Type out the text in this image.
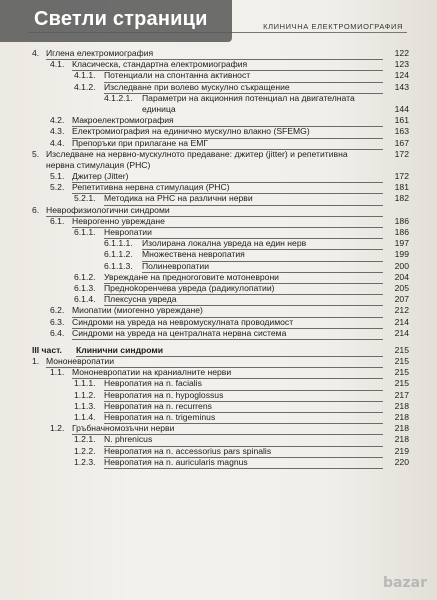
КЛИНИЧНА ЕЛЕКТРОМИОГРАФИЯ
4. Иглена електромиография	122
4.1. Класическа, стандартна електромиография	123
4.1.1. Потенциали на спонтанна активност	124
4.1.2. Изследване при волево мускулно съкращение	143
4.1.2.1. Параметри на акционния потенциал на двигателната единица	144
4.2. Макроелектромиография	161
4.3. Електромиография на единично мускулно влакно (SFEMG)	163
4.4. Препоръки при прилагане на ЕМГ	167
5. Изследване на нервно-мускулното предаване: джитер (jitter) и репетитивна нервна стимулация (PHC)
172
5.1. Джитер (Jitter)	172
5.2. Репетитивна нервна стимулация (PHC)	181
5.2.1. Методика на PHC на различни нерви	182
6. Неврофизиологични синдроми
6.1. Неврогенно увреждане	186
6.1.1. Невропатии	186
6.1.1.1. Изолирана локална увреда на един нерв	197
6.1.1.2. Множествена невропатия	199
6.1.1.3. Полиневропатии	200
6.1.2. Увреждане на предноroговите мотоневрони	204
6.1.3. Предноkоренчева увреда (радикулопатии)	205
6.1.4. Плексусна увреда	207
6.2. Миопатии (миогенно увреждане)	212
6.3. Синдроми на увреда на невромускулната проводимост	214
6.4. Синдроми на увреда на централната нервна система	214
III част. Клинични синдроми	215
1. Мононевропатии	215
1.1. Мононевропатии на краниалните нерви	215
1.1.1. Невропатия на n. facialis	215
1.1.2. Невропатия на n. hypoglossus	217
1.1.3. Невропатия на n. recurrens	218
1.1.4. Невропатия на n. trigeminus	218
1.2. Гръбначномозъчни нерви	218
1.2.1. N. phrenicus	218
1.2.2. Невропатия на n. accessorius pars spinalis	219
1.2.3. Невропатия на n. auricularis magnus	220
Светли страници
bazar
